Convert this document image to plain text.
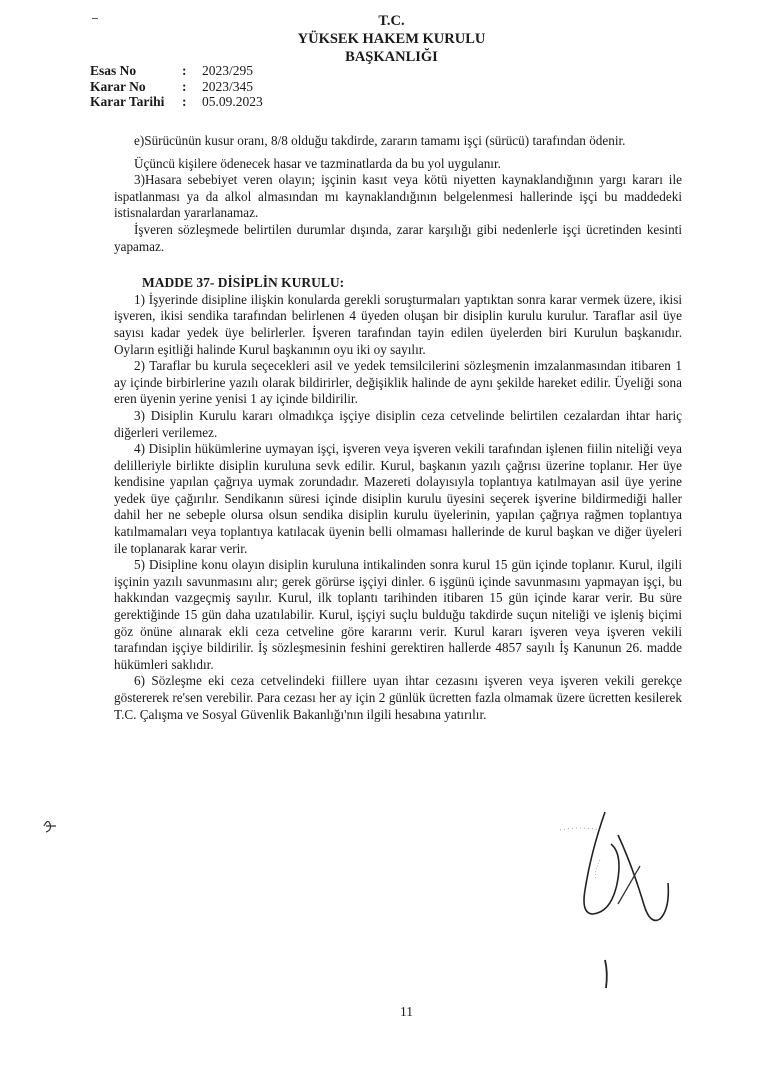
T.C.
YÜKSEK HAKEM KURULU
BAŞKANLIĞI
Esas No	:	2023/295
Karar No	:	2023/345
Karar Tarihi	:	05.09.2023

e)Sürücünün kusur oranı, 8/8 olduğu takdirde, zararın tamamı işçi (sürücü) tarafından ödenir.

Üçüncü kişilere ödenecek hasar ve tazminatlarda da bu yol uygulanır.

3)Hasara sebebiyet veren olayın; işçinin kasıt veya kötü niyetten kaynaklandığının yargı kararı ile ispatlanması ya da alkol almasından mı kaynaklandığının belgelenmesi hallerinde işçi bu maddedeki istisnalardan yararlanamaz.

İşveren sözleşmede belirtilen durumlar dışında, zarar karşılığı gibi nedenlerle işçi ücretinden kesinti yapamaz.

MADDE 37- DİSİPLİN KURULU:

1) İşyerinde disipline ilişkin konularda gerekli soruşturmaları yaptıktan sonra karar vermek üzere, ikisi işveren, ikisi sendika tarafından belirlenen 4 üyeden oluşan bir disiplin kurulu kurulur. Taraflar asil üye sayısı kadar yedek üye belirlerler. İşveren tarafından tayin edilen üyelerden biri Kurulun başkanıdır. Oyların eşitliği halinde Kurul başkanının oyu iki oy sayılır.

2) Taraflar bu kurula seçecekleri asil ve yedek temsilcilerini sözleşmenin imzalanmasından itibaren 1 ay içinde birbirlerine yazılı olarak bildirirler, değişiklik halinde de aynı şekilde hareket edilir. Üyeliği sona eren üyenin yerine yenisi 1 ay içinde bildirilir.

3) Disiplin Kurulu kararı olmadıkça işçiye disiplin ceza cetvelinde belirtilen cezalardan ihtar hariç diğerleri verilemez.

4) Disiplin hükümlerine uymayan işçi, işveren veya işveren vekili tarafından işlenen fiilin niteliği veya delilleriyle birlikte disiplin kuruluna sevk edilir. Kurul, başkanın yazılı çağrısı üzerine toplanır. Her üye kendisine yapılan çağrıya uymak zorundadır. Mazereti dolayısıyla toplantıya katılmayan asil üye yerine yedek üye çağırılır. Sendikanın süresi içinde disiplin kurulu üyesini seçerek işverine bildirmediği haller dahil her ne sebeple olursa olsun sendika disiplin kurulu üyelerinin, yapılan çağrıya rağmen toplantıya katılmamaları veya toplantıya katılacak üyenin belli olmaması hallerinde de kurul başkan ve diğer üyeleri ile toplanarak karar verir.

5) Disipline konu olayın disiplin kuruluna intikalinden sonra kurul 15 gün içinde toplanır. Kurul, ilgili işçinin yazılı savunmasını alır; gerek görürse işçiyi dinler. 6 işgünü içinde savunmasını yapmayan işçi, bu hakkından vazgeçmiş sayılır. Kurul, ilk toplantı tarihinden itibaren 15 gün içinde karar verir. Bu süre gerektiğinde 15 gün daha uzatılabilir. Kurul, işçiyi suçlu bulduğu takdirde suçun niteliği ve işleniş biçimi göz önüne alınarak ekli ceza cetveline göre kararını verir. Kurul kararı işveren veya işveren vekili tarafından işçiye bildirilir. İş sözleşmesinin feshini gerektiren hallerde 4857 sayılı İş Kanunun 26. madde hükümleri saklıdır.

6) Sözleşme eki ceza cetvelindeki fiillere uyan ihtar cezasını işveren veya işveren vekili gerekçe göstererek re'sen verebilir. Para cezası her ay için 2 günlük ücretten fazla olmamak üzere ücretten kesilerek T.C. Çalışma ve Sosyal Güvenlik Bakanlığı'nın ilgili hesabına yatırılır.

11
